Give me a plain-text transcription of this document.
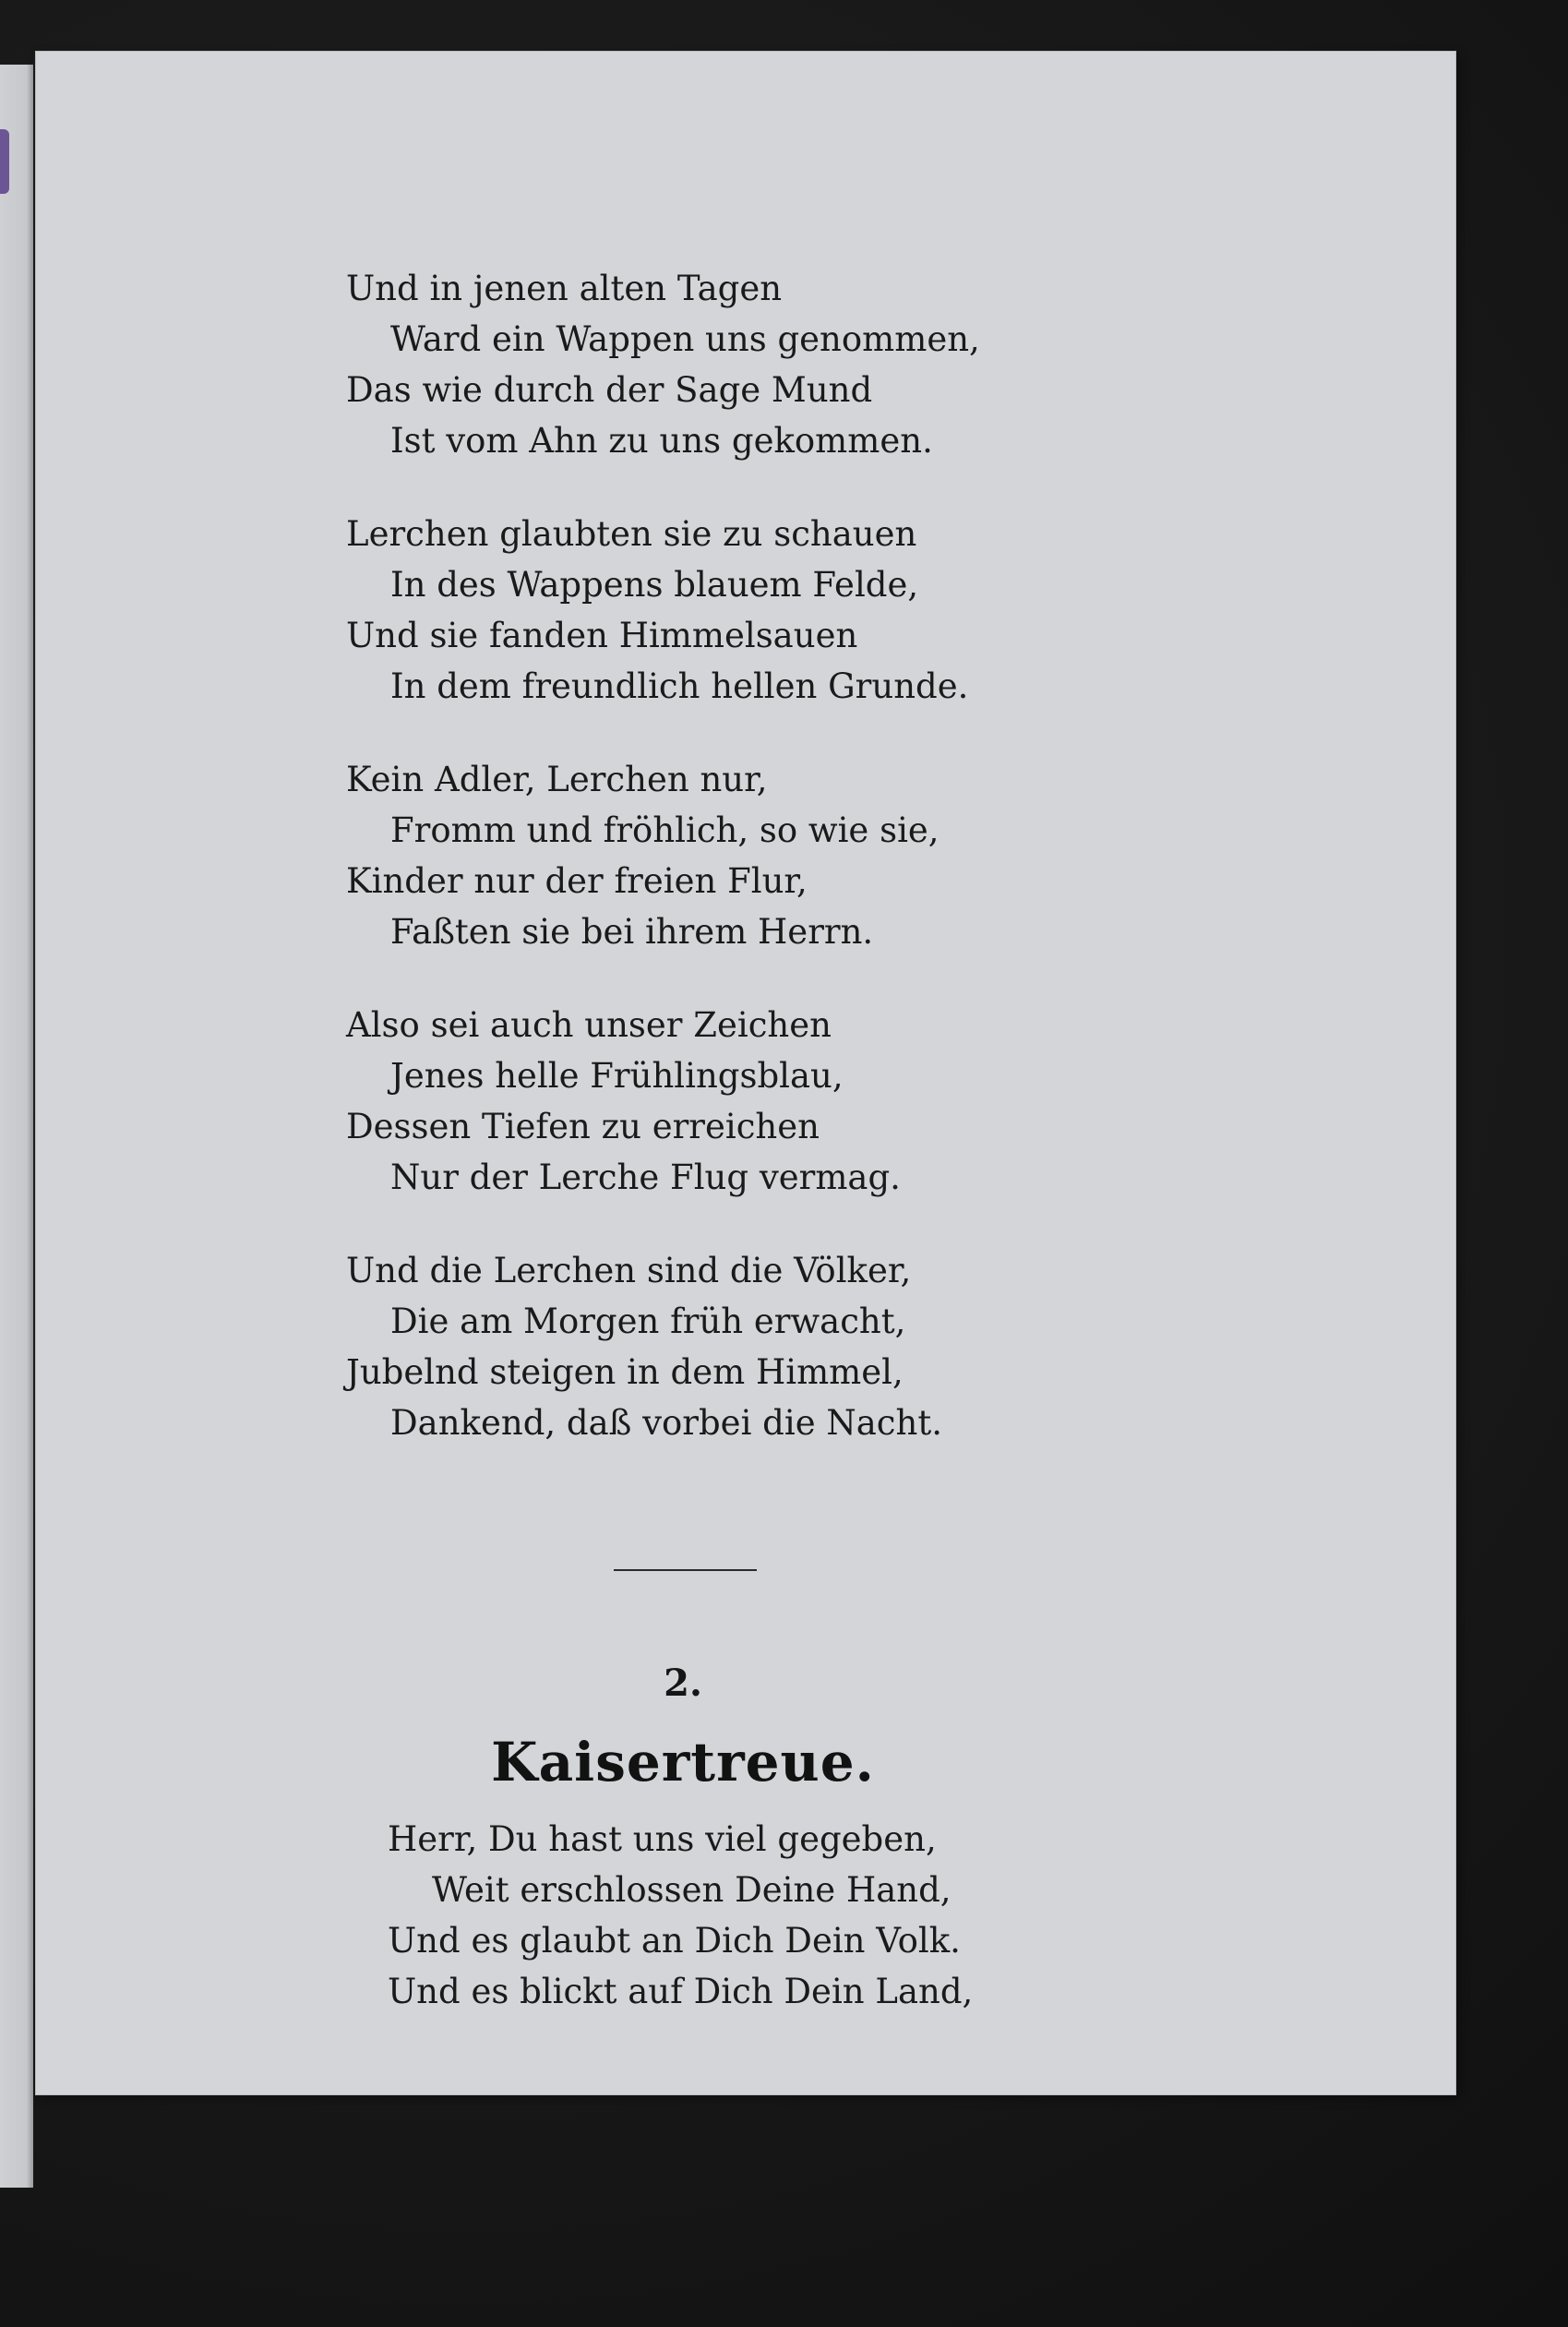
Und in jenen alten Tagen
Ward ein Wappen uns genommen,
Das wie durch der Sage Mund
Ist vom Ahn zu uns gekommen.
Lerchen glaubten sie zu schauen
In des Wappens blauem Felde,
Und sie fanden Himmelsauen
In dem freundlich hellen Grunde.
Kein Adler, Lerchen nur,
Fromm und fröhlich, so wie sie,
Kinder nur der freien Flur,
Faßten sie bei ihrem Herrn.
Also sei auch unser Zeichen
Jenes helle Frühlingsblau,
Dessen Tiefen zu erreichen
Nur der Lerche Flug vermag.
Und die Lerchen sind die Völker,
Die am Morgen früh erwacht,
Jubelnd steigen in dem Himmel,
Dankend, daß vorbei die Nacht.
2.
Kaisertreue.
Herr, Du hast uns viel gegeben,
Weit erschlossen Deine Hand,
Und es glaubt an Dich Dein Volk.
Und es blickt auf Dich Dein Land,
